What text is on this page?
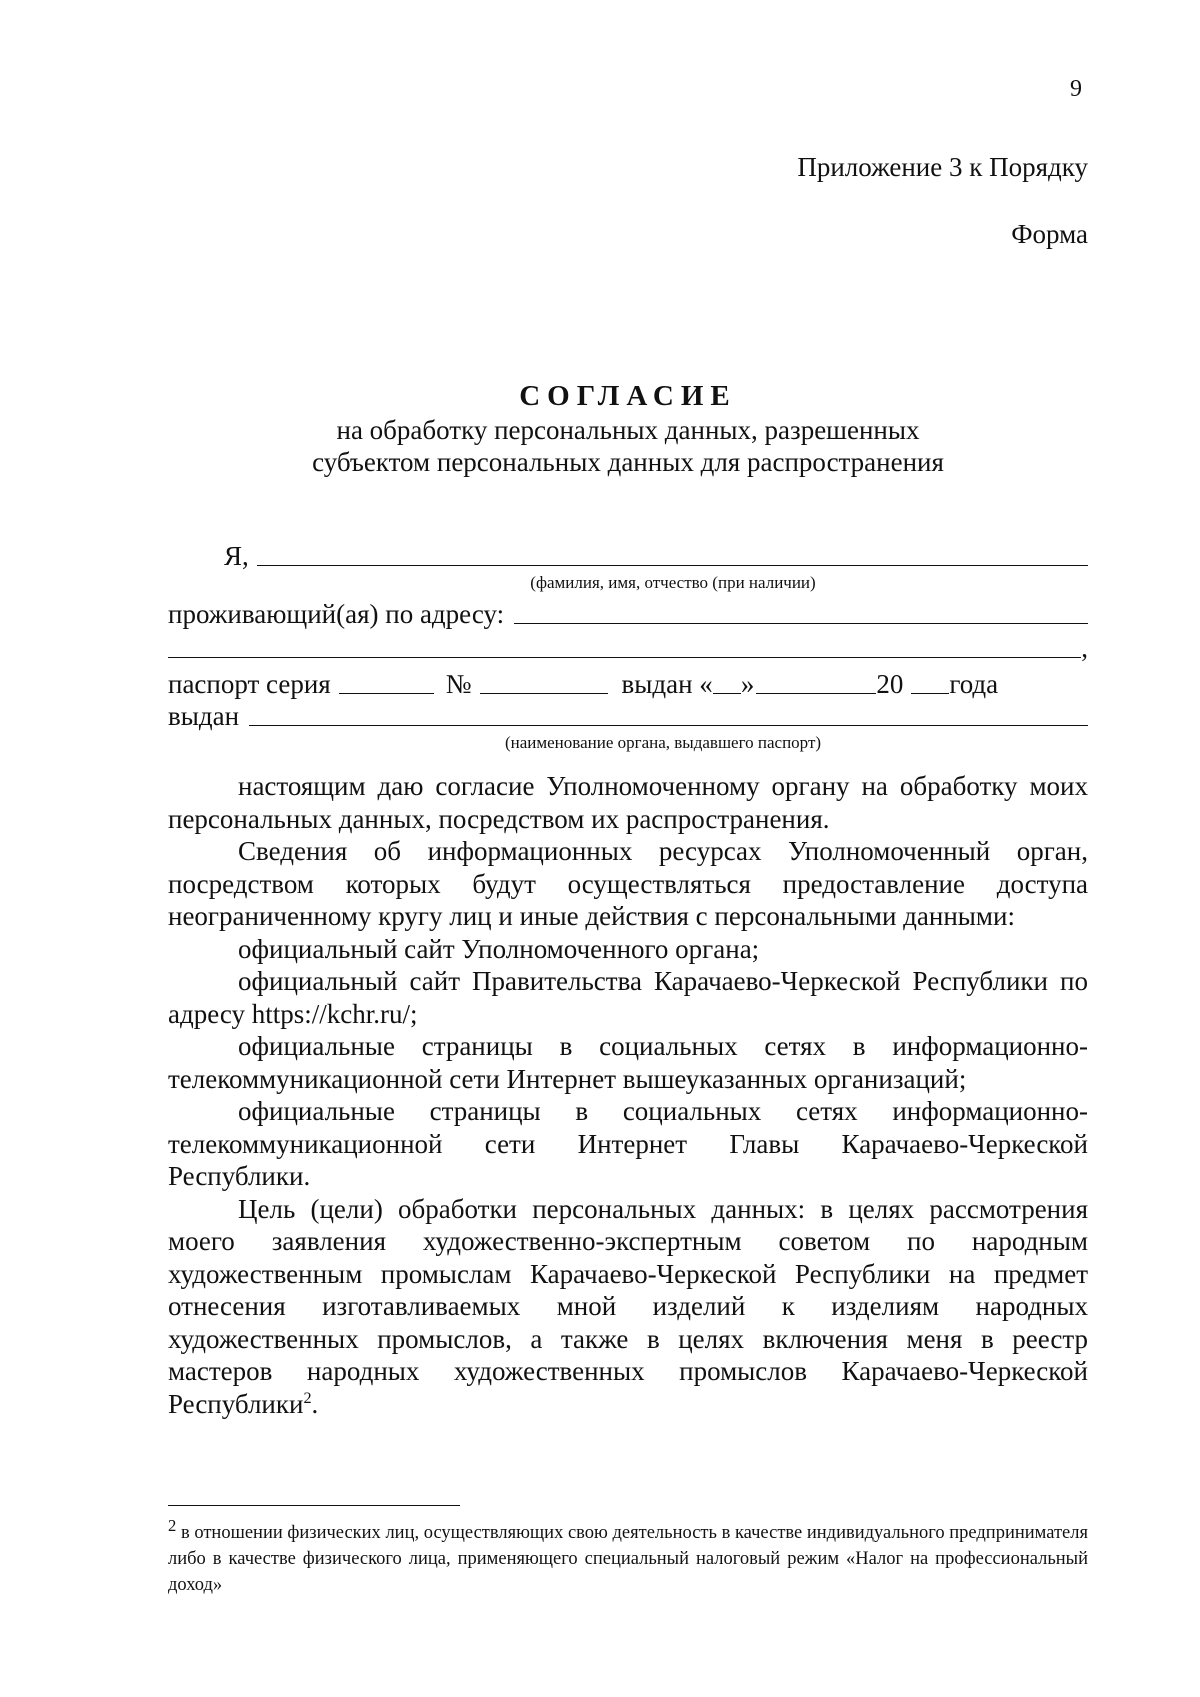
9
Приложение 3 к Порядку
Форма
СОГЛАСИЕ
на обработку персональных данных, разрешенных
субъектом персональных данных для распространения
Я,
(фамилия, имя, отчество (при наличии)
проживающий(ая) по адресу:
,
паспорт серия	№	выдан « »	20 года
выдан
(наименование органа, выдавшего паспорт)

настоящим даю согласие Уполномоченному органу на обработку моих персональных данных, посредством их распространения.

Сведения об информационных ресурсах Уполномоченный орган, посредством которых будут осуществляться предоставление доступа неограниченному кругу лиц и иные действия с персональными данными:

официальный сайт Уполномоченного органа;

официальный сайт Правительства Карачаево-Черкеской Республики по адресу https://kchr.ru/;

официальные страницы в социальных сетях в информационно-телекоммуникационной сети Интернет вышеуказанных организаций;

официальные страницы в социальных сетях информационно-телекоммуникационной сети Интернет Главы Карачаево-Черкеской Республики.

Цель (цели) обработки персональных данных: в целях рассмотрения моего заявления художественно-экспертным советом по народным художественным промыслам Карачаево-Черкеской Республики на предмет отнесения изготавливаемых мной изделий к изделиям народных художественных промыслов, а также в целях включения меня в реестр мастеров народных художественных промыслов Карачаево-Черкеской Республики$^2$.

$^2$ в отношении физических лиц, осуществляющих свою деятельность в качестве индивидуального предпринимателя либо в качестве физического лица, применяющего специальный налоговый режим «Налог на профессиональный доход»
